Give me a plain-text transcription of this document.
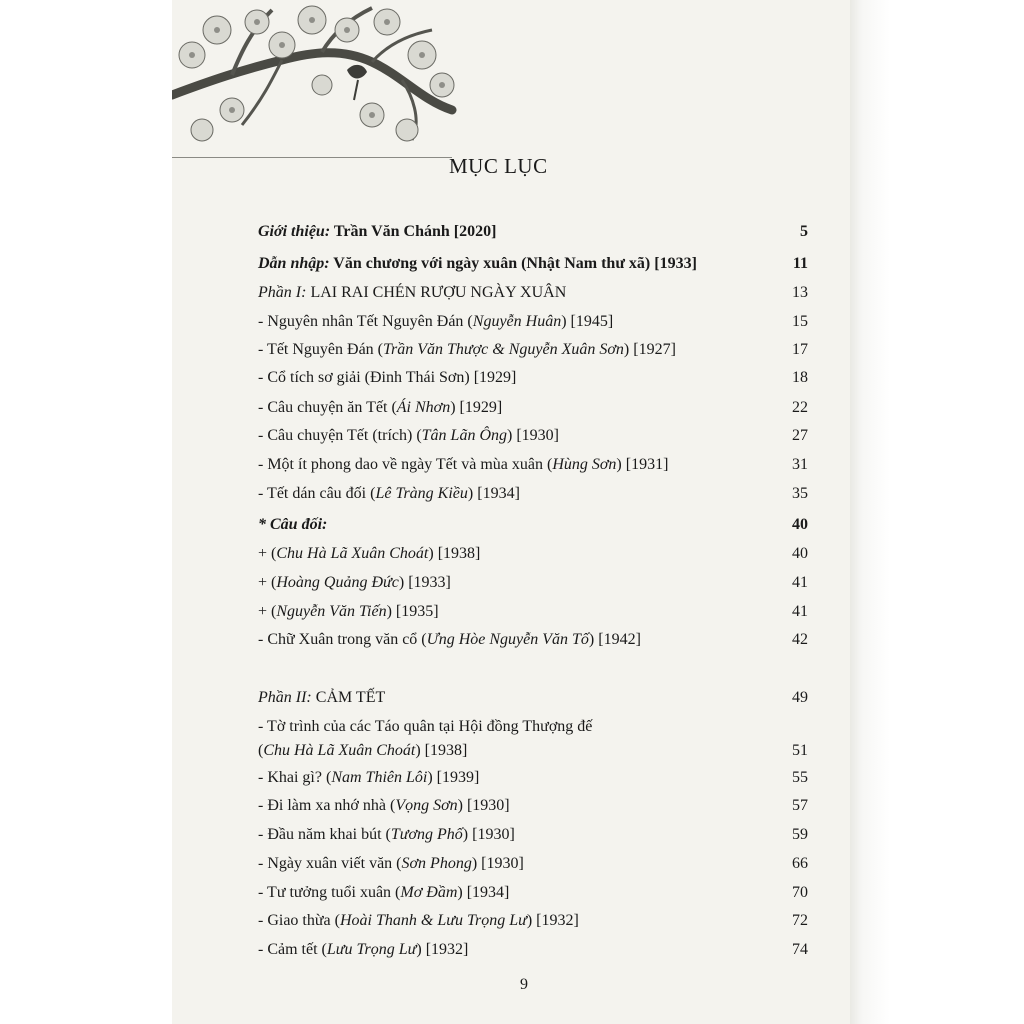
MỤC LỤC
Giới thiệu: Trần Văn Chánh [2020]	5
Dẫn nhập: Văn chương với ngày xuân (Nhật Nam thư xã) [1933]	11
Phần I: LAI RAI CHÉN RƯỢU NGÀY XUÂN	13
- Nguyên nhân Tết Nguyên Đán (Nguyễn Huân) [1945]	15
- Tết Nguyên Đán (Trần Văn Thược & Nguyễn Xuân Sơn) [1927]	17
- Cổ tích sơ giải (Đinh Thái Sơn) [1929]	18
- Câu chuyện ăn Tết (Ái Nhơn) [1929]	22
- Câu chuyện Tết (trích) (Tân Lãn Ông) [1930]	27
- Một ít phong dao về ngày Tết và mùa xuân (Hùng Sơn) [1931]	31
- Tết dán câu đối (Lê Tràng Kiều) [1934]	35
* Câu đối:	40
+ (Chu Hà Lã Xuân Choát) [1938]	40
+ (Hoàng Quảng Đức) [1933]	41
+ (Nguyễn Văn Tiến) [1935]	41
- Chữ Xuân trong văn cổ (Ưng Hòe Nguyễn Văn Tố) [1942]	42
Phần II: CẢM TẾT	49
- Tờ trình của các Táo quân tại Hội đồng Thượng đế
(Chu Hà Lã Xuân Choát) [1938]	51
- Khai gì? (Nam Thiên Lôi) [1939]	55
- Đi làm xa nhớ nhà (Vọng Sơn) [1930]	57
- Đầu năm khai bút (Tương Phố) [1930]	59
- Ngày xuân viết văn (Sơn Phong) [1930]	66
- Tư tưởng tuổi xuân (Mơ Đầm) [1934]	70
- Giao thừa (Hoài Thanh & Lưu Trọng Lư) [1932]	72
- Cảm tết (Lưu Trọng Lư) [1932]	74
9
